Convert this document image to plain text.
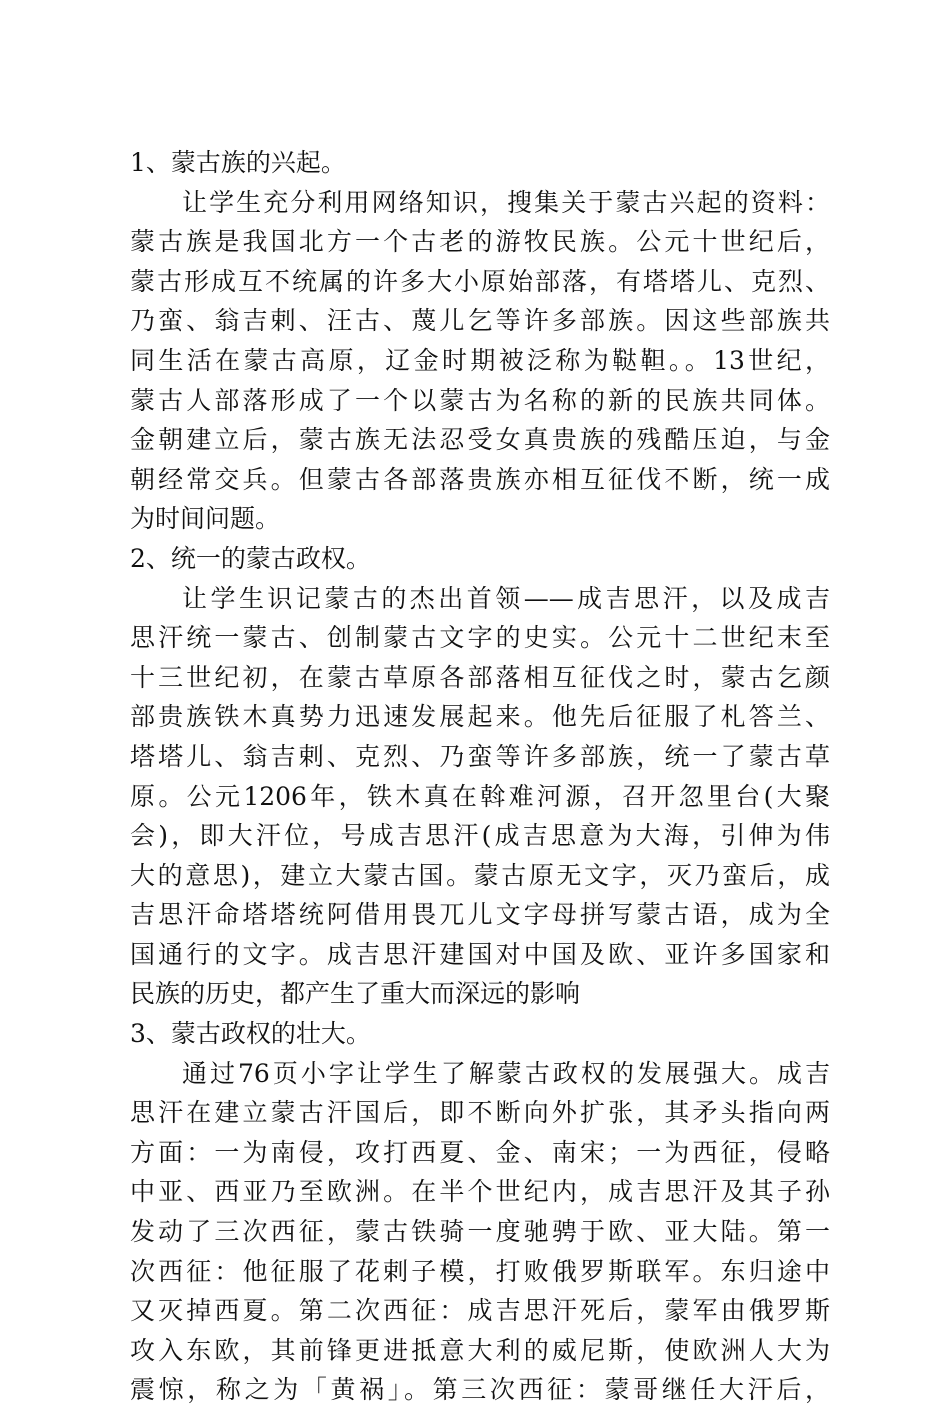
1、蒙古族的兴起。
让学生充分利用网络知识，搜集关于蒙古兴起的资料：
蒙古族是我国北方一个古老的游牧民族。公元十世纪后，
蒙古形成互不统属的许多大小原始部落，有塔塔儿、克烈、
乃蛮、翁吉剌、汪古、蔑儿乞等许多部族。因这些部族共
同生活在蒙古高原，辽金时期被泛称为鞑靼。。13世纪，
蒙古人部落形成了一个以蒙古为名称的新的民族共同体。
金朝建立后，蒙古族无法忍受女真贵族的残酷压迫，与金
朝经常交兵。但蒙古各部落贵族亦相互征伐不断，统一成
为时间问题。
2、统一的蒙古政权。
让学生识记蒙古的杰出首领——成吉思汗，以及成吉
思汗统一蒙古、创制蒙古文字的史实。公元十二世纪末至
十三世纪初，在蒙古草原各部落相互征伐之时，蒙古乞颜
部贵族铁木真势力迅速发展起来。他先后征服了札答兰、
塔塔儿、翁吉剌、克烈、乃蛮等许多部族，统一了蒙古草
原。公元1206年，铁木真在斡难河源，召开忽里台(大聚
会)，即大汗位，号成吉思汗(成吉思意为大海，引伸为伟
大的意思)，建立大蒙古国。蒙古原无文字，灭乃蛮后，成
吉思汗命塔塔统阿借用畏兀儿文字母拼写蒙古语，成为全
国通行的文字。成吉思汗建国对中国及欧、亚许多国家和
民族的历史，都产生了重大而深远的影响
3、蒙古政权的壮大。
通过76页小字让学生了解蒙古政权的发展强大。成吉
思汗在建立蒙古汗国后，即不断向外扩张，其矛头指向两
方面：一为南侵，攻打西夏、金、南宋；一为西征，侵略
中亚、西亚乃至欧洲。在半个世纪内，成吉思汗及其子孙
发动了三次西征，蒙古铁骑一度驰骋于欧、亚大陆。第一
次西征：他征服了花剌子模，打败俄罗斯联军。东归途中
又灭掉西夏。第二次西征：成吉思汗死后，蒙军由俄罗斯
攻入东欧，其前锋更进抵意大利的威尼斯，使欧洲人大为
震惊，称之为「黄祸」。第三次西征：蒙哥继任大汗后，
